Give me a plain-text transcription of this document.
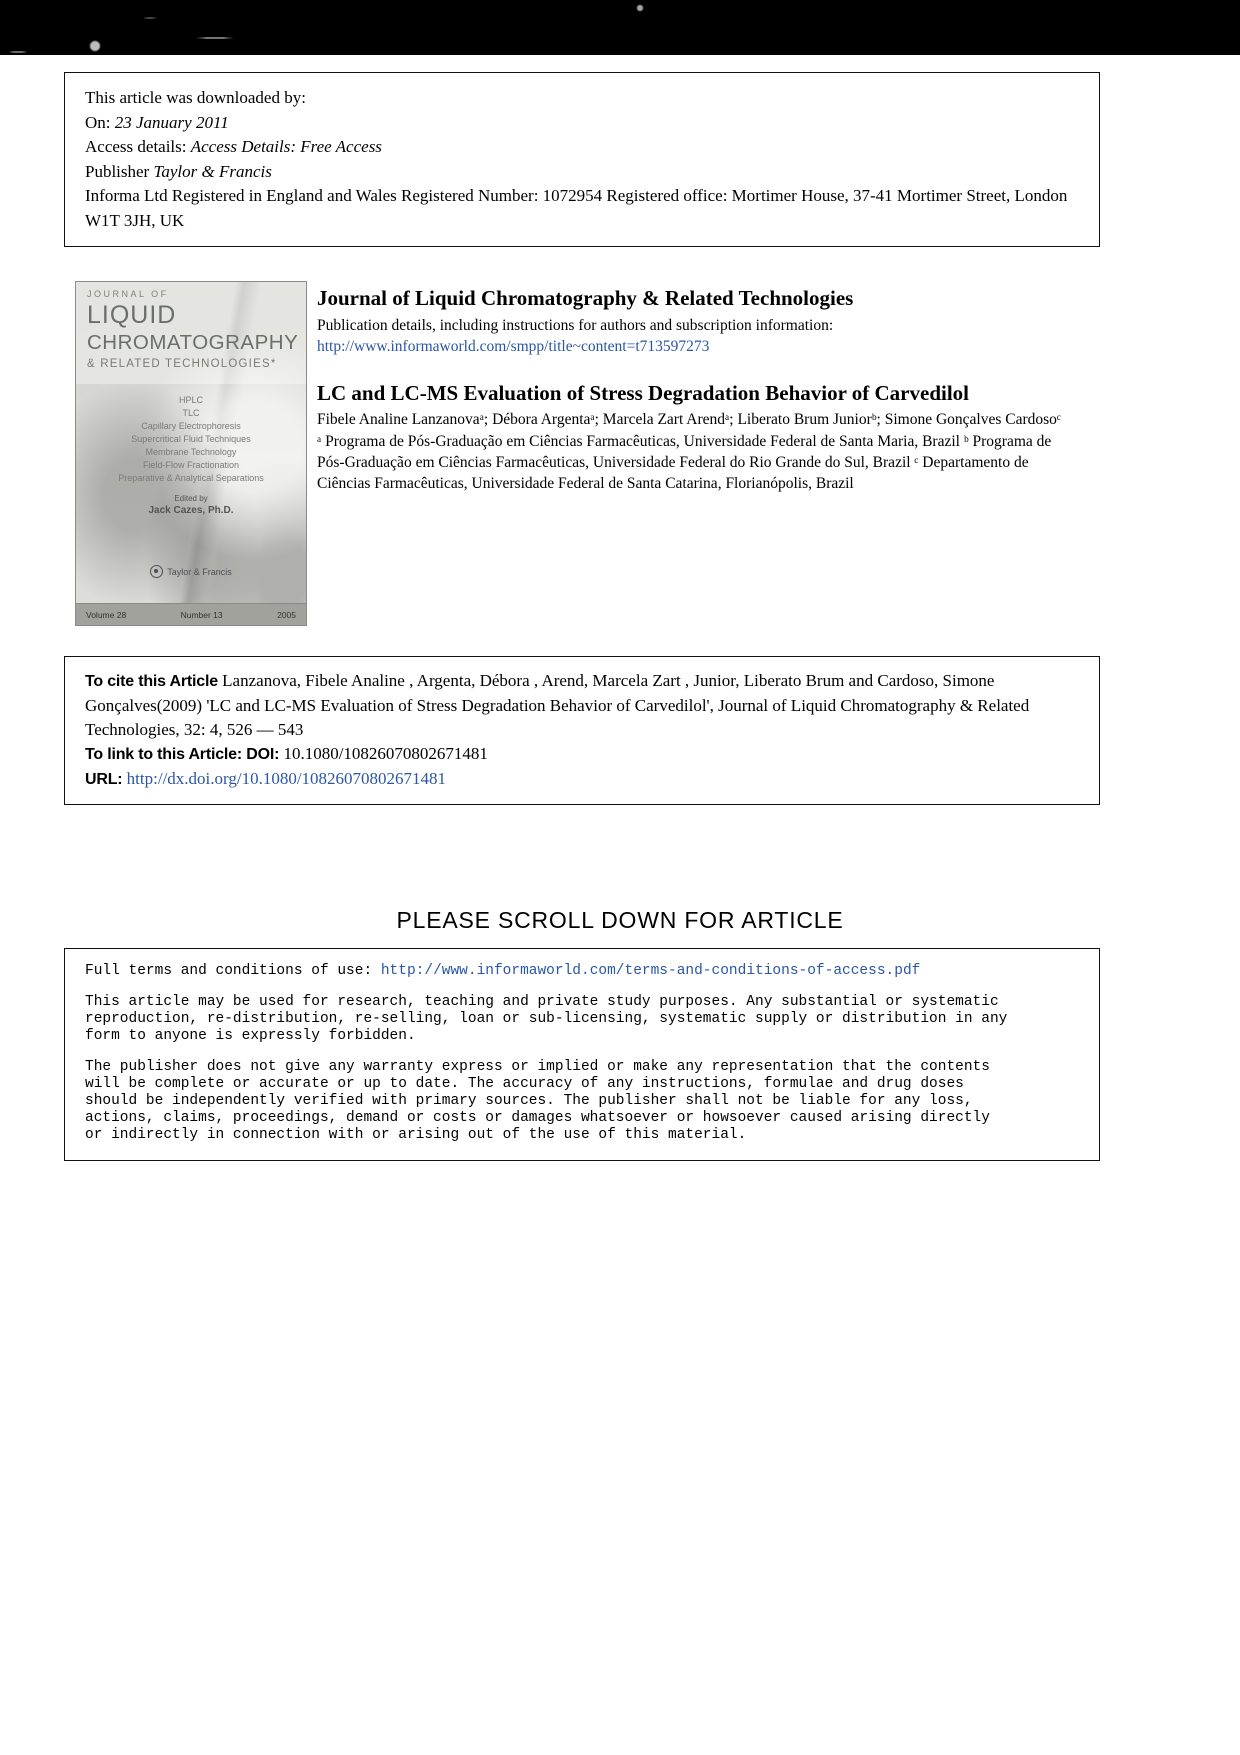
This article was downloaded by:

On: 23 January 2011

Access details: Access Details: Free Access

Publisher Taylor & Francis

Informa Ltd Registered in England and Wales Registered Number: 1072954 Registered office: Mortimer House, 37-41 Mortimer Street, London W1T 3JH, UK

JOURNAL OF
LIQUID
CHROMATOGRAPHY
& RELATED TECHNOLOGIES*
HPLC
TLC
Capillary Electrophoresis
Supercritical Fluid Techniques
Membrane Technology
Field-Flow Fractionation
Preparative & Analytical Separations
Edited by
Jack Cazes, Ph.D.
Taylor & Francis
Volume 28	Number 13	2005
Journal of Liquid Chromatography & Related Technologies

Publication details, including instructions for authors and subscription information:

http://www.informaworld.com/smpp/title~content=t713597273

LC and LC-MS Evaluation of Stress Degradation Behavior of Carvedilol

Fibele Analine Lanzanovaᵃ; Débora Argentaᵃ; Marcela Zart Arendᵃ; Liberato Brum Juniorᵇ; Simone Gonçalves Cardosoᶜ

ᵃ Programa de Pós-Graduação em Ciências Farmacêuticas, Universidade Federal de Santa Maria, Brazil ᵇ Programa de Pós-Graduação em Ciências Farmacêuticas, Universidade Federal do Rio Grande do Sul, Brazil ᶜ Departamento de Ciências Farmacêuticas, Universidade Federal de Santa Catarina, Florianópolis, Brazil

To cite this Article Lanzanova, Fibele Analine , Argenta, Débora , Arend, Marcela Zart , Junior, Liberato Brum and Cardoso, Simone Gonçalves(2009) 'LC and LC-MS Evaluation of Stress Degradation Behavior of Carvedilol', Journal of Liquid Chromatography & Related Technologies, 32: 4, 526 — 543

To link to this Article: DOI: 10.1080/10826070802671481

URL: http://dx.doi.org/10.1080/10826070802671481

PLEASE SCROLL DOWN FOR ARTICLE

Full terms and conditions of use: http://www.informaworld.com/terms-and-conditions-of-access.pdf

This article may be used for research, teaching and private study purposes. Any substantial or systematic reproduction, re-distribution, re-selling, loan or sub-licensing, systematic supply or distribution in any form to anyone is expressly forbidden.

The publisher does not give any warranty express or implied or make any representation that the contents will be complete or accurate or up to date. The accuracy of any instructions, formulae and drug doses should be independently verified with primary sources. The publisher shall not be liable for any loss, actions, claims, proceedings, demand or costs or damages whatsoever or howsoever caused arising directly or indirectly in connection with or arising out of the use of this material.
